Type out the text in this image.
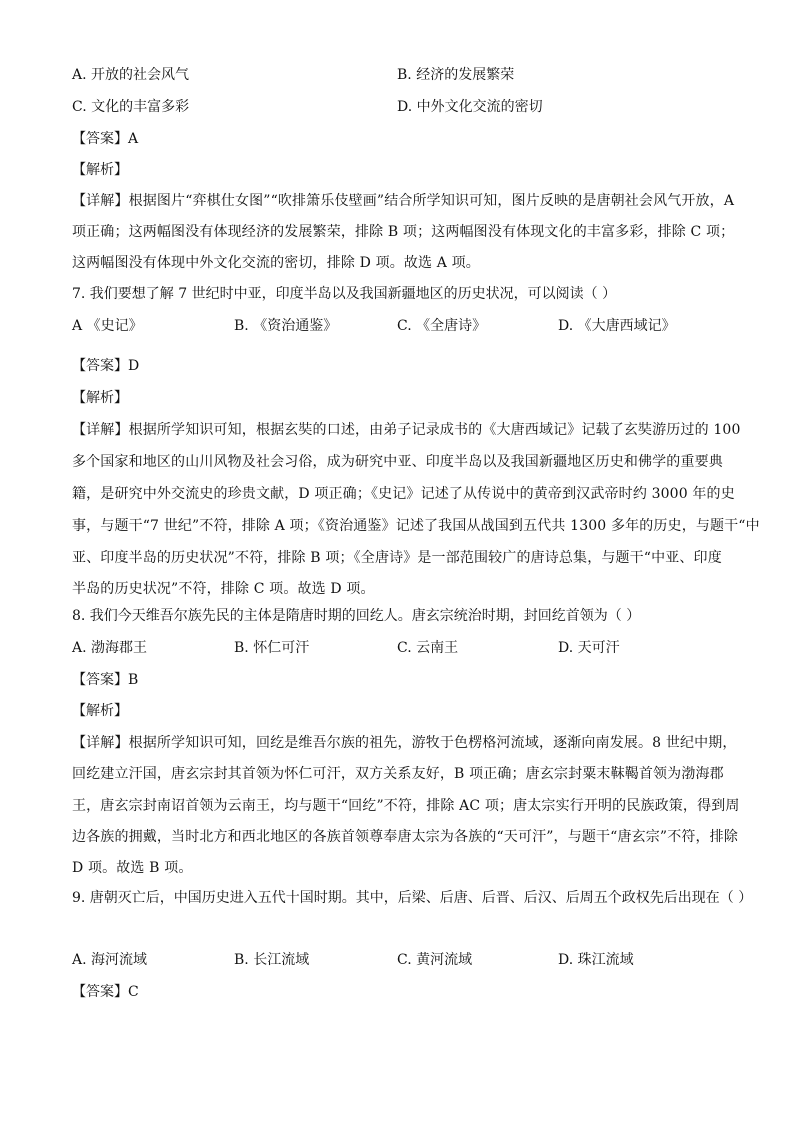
A. 开放的社会风气	B. 经济的发展繁荣
C. 文化的丰富多彩	D. 中外文化交流的密切
【答案】A
【解析】
【详解】根据图片“弈棋仕女图”“吹排箫乐伎壁画”结合所学知识可知，图片反映的是唐朝社会风气开放，A
项正确；这两幅图没有体现经济的发展繁荣，排除 B 项；这两幅图没有体现文化的丰富多彩，排除 C 项；
这两幅图没有体现中外文化交流的密切，排除 D 项。故选 A 项。
7. 我们要想了解 7 世纪时中亚，印度半岛以及我国新疆地区的历史状况，可以阅读（ ）
A 《史记》	B. 《资治通鉴》	C. 《全唐诗》	D. 《大唐西域记》
【答案】D
【解析】
【详解】根据所学知识可知，根据玄奘的口述，由弟子记录成书的《大唐西域记》记载了玄奘游历过的 100
多个国家和地区的山川风物及社会习俗，成为研究中亚、印度半岛以及我国新疆地区历史和佛学的重要典
籍，是研究中外交流史的珍贵文献，D 项正确；《史记》记述了从传说中的黄帝到汉武帝时约 3000 年的史
事，与题干“7 世纪”不符，排除 A 项；《资治通鉴》记述了我国从战国到五代共 1300 多年的历史，与题干“中
亚、印度半岛的历史状况”不符，排除 B 项；《全唐诗》是一部范围较广的唐诗总集，与题干“中亚、印度
半岛的历史状况”不符，排除 C 项。故选 D 项。
8. 我们今天维吾尔族先民的主体是隋唐时期的回纥人。唐玄宗统治时期，封回纥首领为（ ）
A. 渤海郡王	B. 怀仁可汗	C. 云南王	D. 天可汗
【答案】B
【解析】
【详解】根据所学知识可知，回纥是维吾尔族的祖先，游牧于色楞格河流域，逐渐向南发展。8 世纪中期，
回纥建立汗国，唐玄宗封其首领为怀仁可汗，双方关系友好，B 项正确；唐玄宗封粟末靺鞨首领为渤海郡
王，唐玄宗封南诏首领为云南王，均与题干“回纥”不符，排除 AC 项；唐太宗实行开明的民族政策，得到周
边各族的拥戴，当时北方和西北地区的各族首领尊奉唐太宗为各族的“天可汗”，与题干“唐玄宗”不符，排除
D 项。故选 B 项。
9. 唐朝灭亡后，中国历史进入五代十国时期。其中，后梁、后唐、后晋、后汉、后周五个政权先后出现在（ ）
A. 海河流域	B. 长江流域	C. 黄河流域	D. 珠江流域
【答案】C
